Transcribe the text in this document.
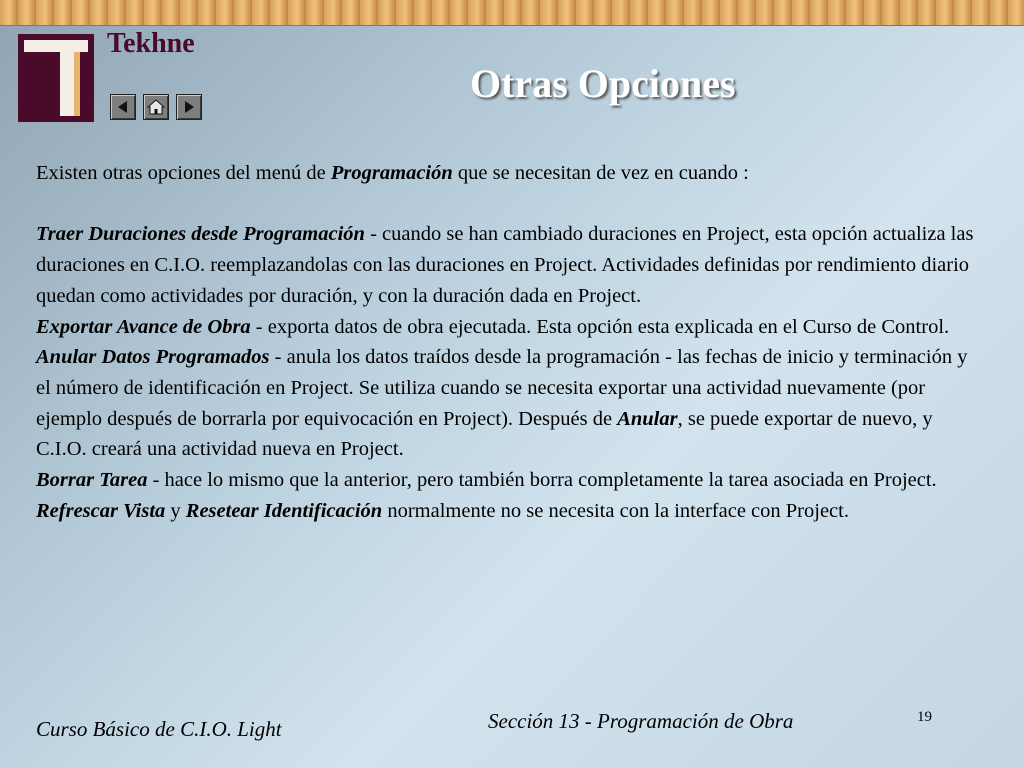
Tekhne
Otras Opciones

Existen otras opciones del menú de Programación que se necesitan de vez en cuando :

Traer Duraciones desde Programación - cuando se han cambiado duraciones en Project, esta opción actualiza las duraciones en C.I.O. reemplazandolas con las duraciones en Project. Actividades definidas por rendimiento diario quedan como actividades por duración, y con la duración dada en Project.

Exportar Avance de Obra - exporta datos de obra ejecutada. Esta opción esta explicada en el Curso de Control.

Anular Datos Programados - anula los datos traídos desde la programación - las fechas de inicio y terminación y el número de identificación en Project. Se utiliza cuando se necesita exportar una actividad nuevamente (por ejemplo después de borrarla por equivocación en Project). Después de Anular, se puede exportar de nuevo, y C.I.O. creará una actividad nueva en Project.

Borrar Tarea - hace lo mismo que la anterior, pero también borra completamente la tarea asociada en Project.

Refrescar Vista y Resetear Identificación normalmente no se necesita con la interface con Project.

Curso Básico de C.I.O. Light	Sección 13 - Programación de Obra	19
